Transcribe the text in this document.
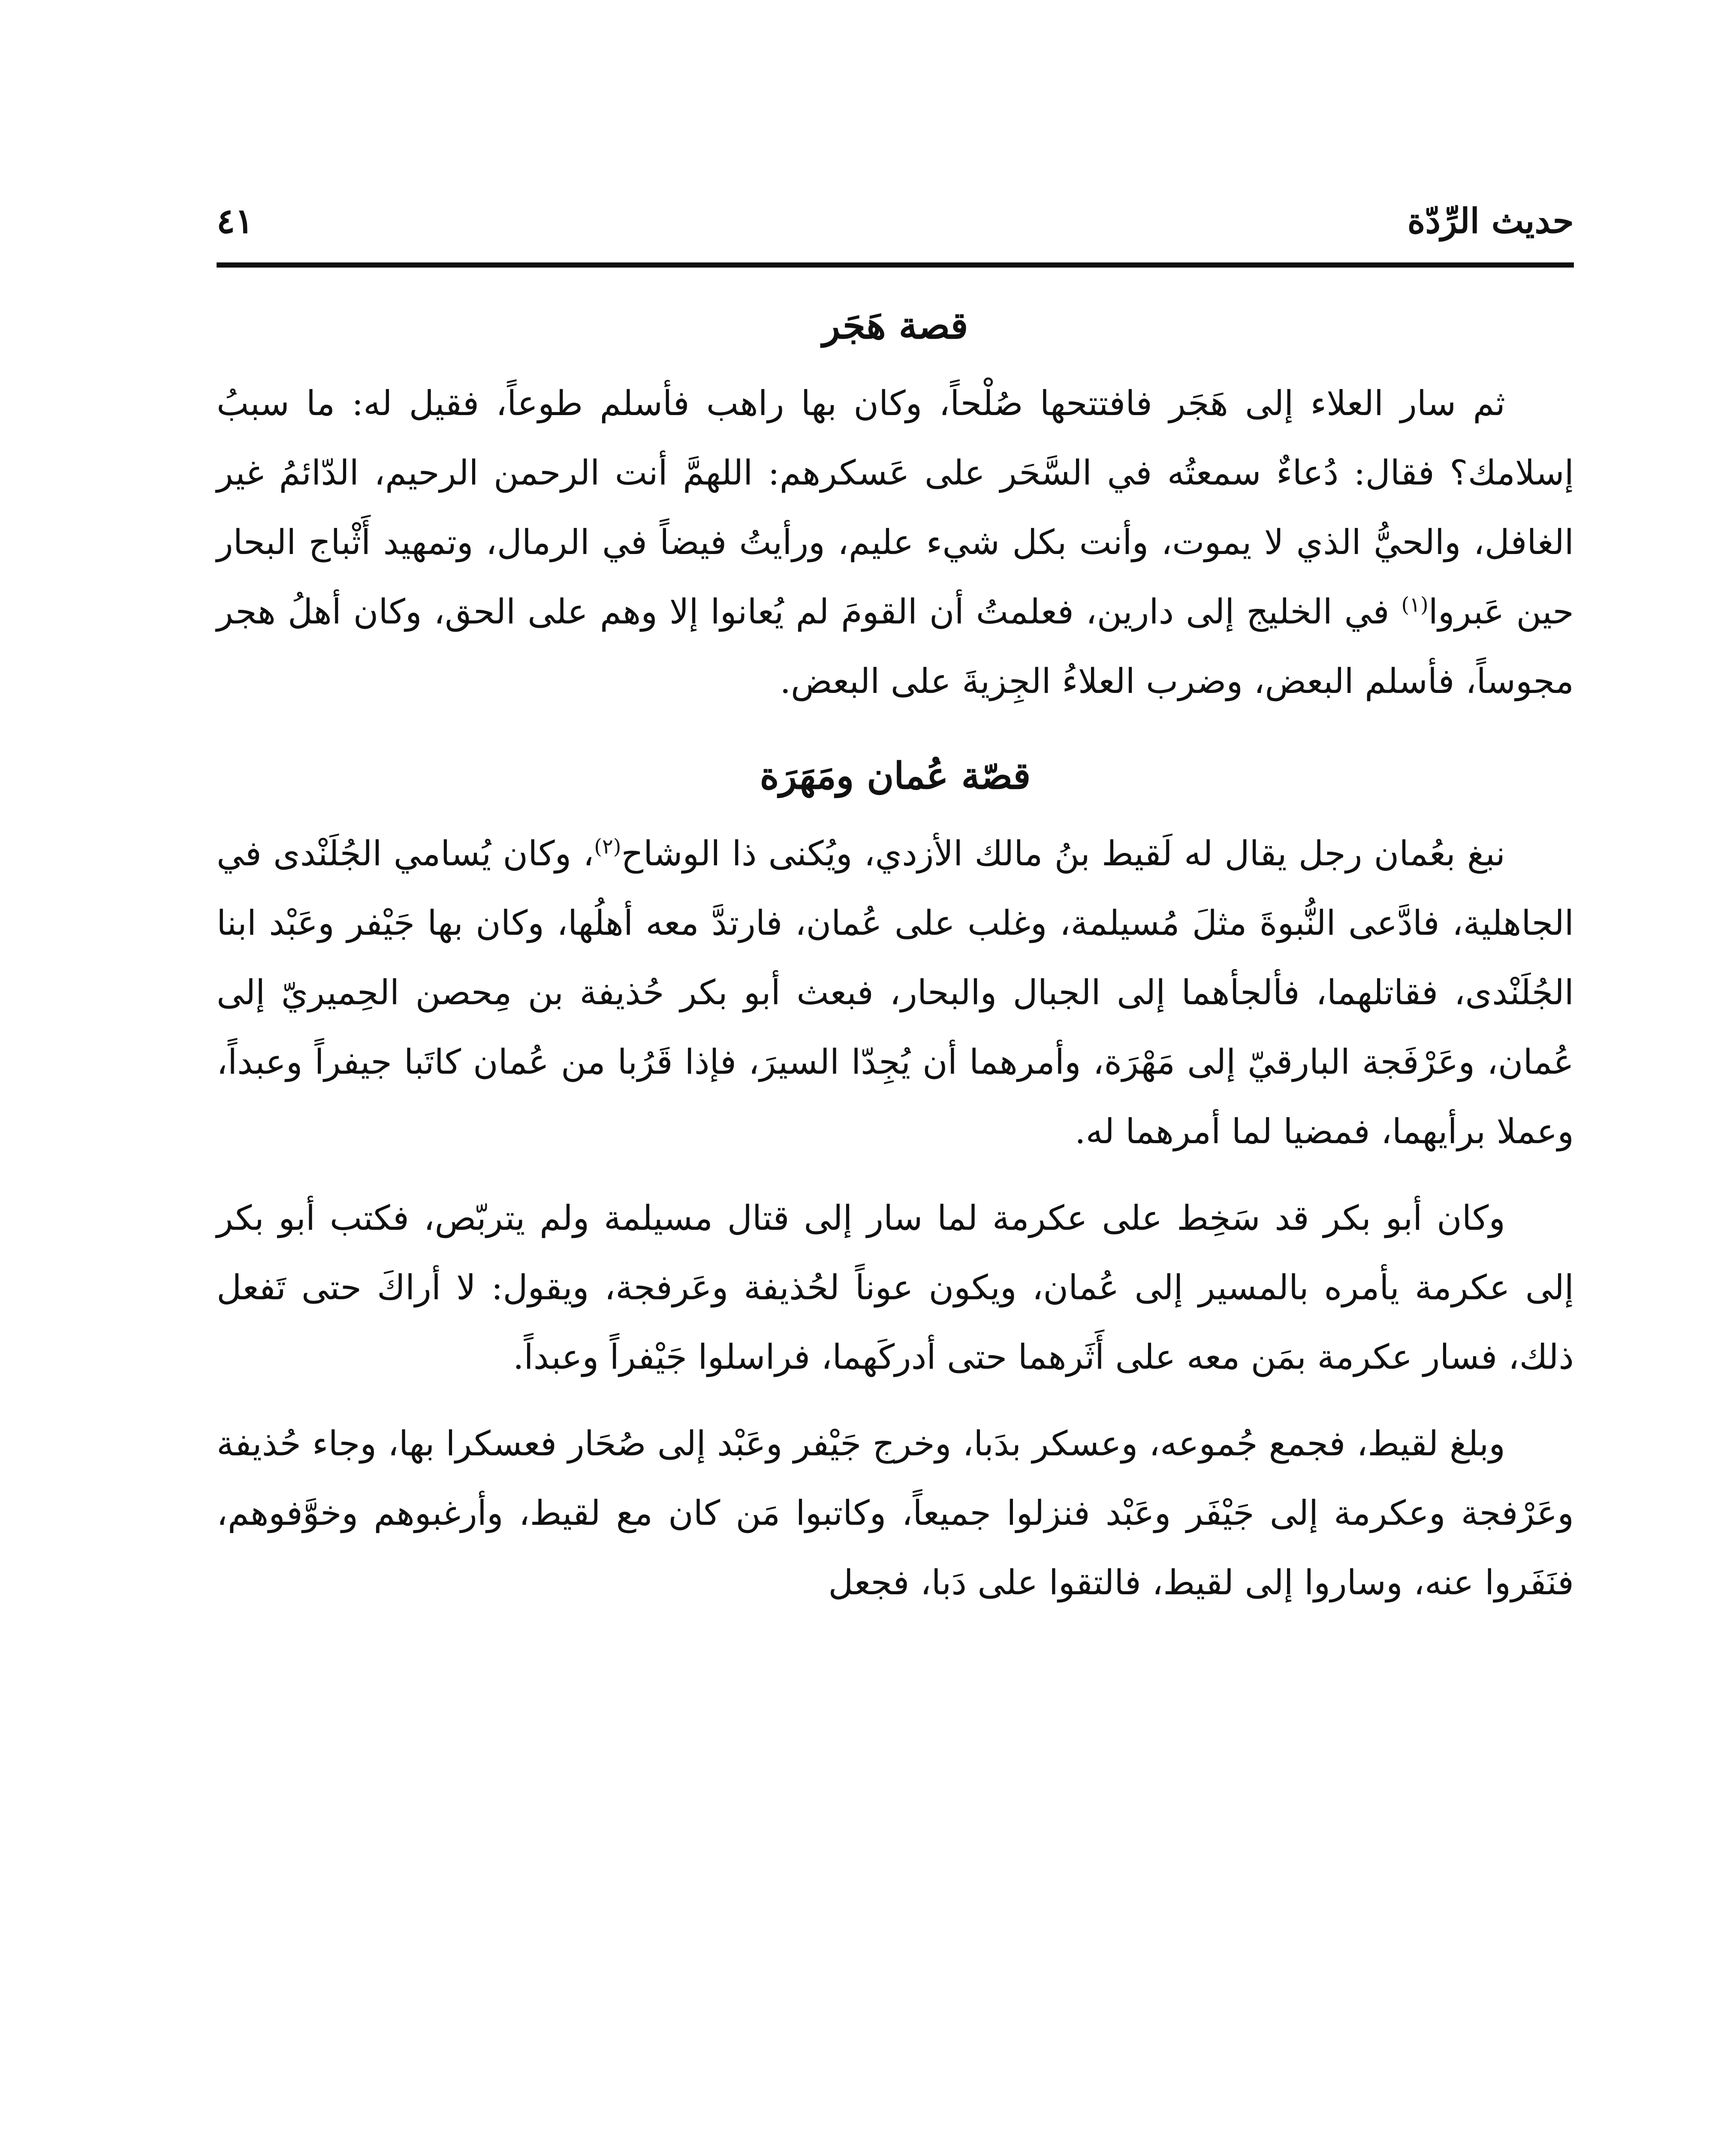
حديث الرِّدّة
٤١
قصة هَجَر

ثم سار العلاء إلى هَجَر فافتتحها صُلْحاً، وكان بها راهب فأسلم طوعاً، فقيل له: ما سببُ إسلامك؟ فقال: دُعاءٌ سمعتُه في السَّحَر على عَسكرهم: اللهمَّ أنت الرحمن الرحيم، الدّائمُ غير الغافل، والحيُّ الذي لا يموت، وأنت بكل شيء عليم، ورأيتُ فيضاً في الرمال، وتمهيد أَثْباج البحار حين عَبروا$^{(١)}$ في الخليج إلى دارين، فعلمتُ أن القومَ لم يُعانوا إلا وهم على الحق، وكان أهلُ هجر مجوساً، فأسلم البعض، وضرب العلاءُ الجِزيةَ على البعض.

قصّة عُمان ومَهَرَة

نبغ بعُمان رجل يقال له لَقيط بنُ مالك الأزدي، ويُكنى ذا الوشاح$^{(٢)}$، وكان يُسامي الجُلَنْدى في الجاهلية، فادَّعى النُّبوةَ مثلَ مُسيلمة، وغلب على عُمان، فارتدَّ معه أهلُها، وكان بها جَيْفر وعَبْد ابنا الجُلَنْدى، فقاتلهما، فألجأهما إلى الجبال والبحار، فبعث أبو بكر حُذيفة بن مِحصن الحِميريّ إلى عُمان، وعَرْفَجة البارقيّ إلى مَهْرَة، وأمرهما أن يُجِدّا السيرَ، فإذا قَرُبا من عُمان كاتَبا جيفراً وعبداً، وعملا برأيهما، فمضيا لما أمرهما له.

وكان أبو بكر قد سَخِط على عكرمة لما سار إلى قتال مسيلمة ولم يتربّص، فكتب أبو بكر إلى عكرمة يأمره بالمسير إلى عُمان، ويكون عوناً لحُذيفة وعَرفجة، ويقول: لا أراكَ حتى تَفعل ذلك، فسار عكرمة بمَن معه على أَثَرهما حتى أدركَهما، فراسلوا جَيْفراً وعبداً.

وبلغ لقيط، فجمع جُموعه، وعسكر بدَبا، وخرج جَيْفر وعَبْد إلى صُحَار فعسكرا بها، وجاء حُذيفة وعَرْفجة وعكرمة إلى جَيْفَر وعَبْد فنزلوا جميعاً، وكاتبوا مَن كان مع لقيط، وأرغبوهم وخوَّفوهم، فنَفَروا عنه، وساروا إلى لقيط، فالتقوا على دَبا، فجعل
